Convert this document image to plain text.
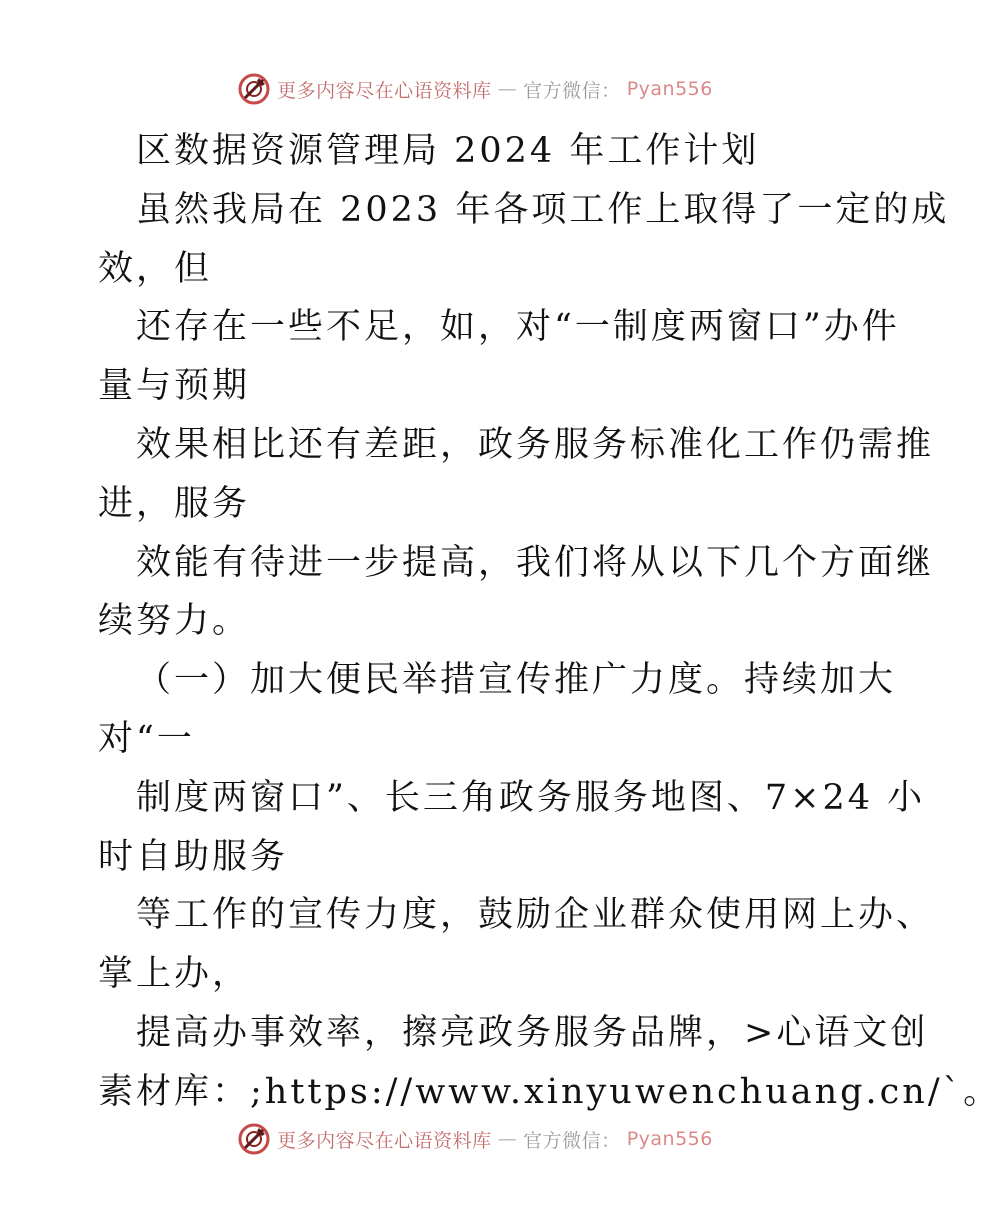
更多内容尽在心语资料库 — 官方微信： Pyan556
区数据资源管理局 2024 年工作计划
虽然我局在 2023 年各项工作上取得了一定的成
效，但
还存在一些不足，如，对“一制度两窗口”办件
量与预期
效果相比还有差距，政务服务标准化工作仍需推
进，服务
效能有待进一步提高，我们将从以下几个方面继
续努力。
（一）加大便民举措宣传推广力度。持续加大
对“一
制度两窗口”、长三角政务服务地图、7×24 小
时自助服务
等工作的宣传力度，鼓励企业群众使用网上办、
掌上办，
提高办事效率，擦亮政务服务品牌，>心语文创
素材库：;https://www.xinyuwenchuang.cn/`。
更多内容尽在心语资料库 — 官方微信： Pyan556
